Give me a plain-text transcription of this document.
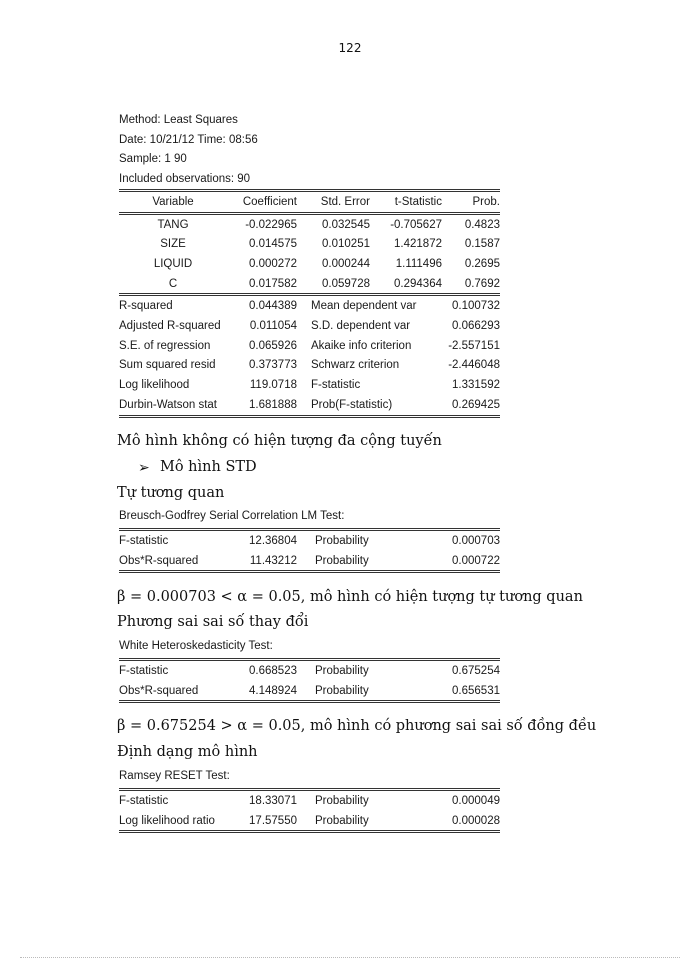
122
Method: Least Squares
Date: 10/21/12 Time: 08:56
Sample: 1 90
Included observations: 90
Variable	Coefficient	Std. Error	t-Statistic	Prob.
TANG	-0.022965	0.032545	-0.705627	0.4823
SIZE	0.014575	0.010251	1.421872	0.1587
LIQUID	0.000272	0.000244	1.111496	0.2695
C	0.017582	0.059728	0.294364	0.7692
R-squared	0.044389	Mean dependent var	0.100732
Adjusted R-squared	0.011054	S.D. dependent var	0.066293
S.E. of regression	0.065926	Akaike info criterion	-2.557151
Sum squared resid	0.373773	Schwarz criterion	-2.446048
Log likelihood	119.0718	F-statistic	1.331592
Durbin-Watson stat	1.681888	Prob(F-statistic)	0.269425
Mô hình không có hiện tượng đa cộng tuyến
➢ Mô hình STD
Tự tương quan
Breusch-Godfrey Serial Correlation LM Test:
F-statistic	12.36804	Probability	0.000703
Obs*R-squared	11.43212	Probability	0.000722
β = 0.000703 < α = 0.05, mô hình có hiện tượng tự tương quan
Phương sai sai số thay đổi
White Heteroskedasticity Test:
F-statistic	0.668523	Probability	0.675254
Obs*R-squared	4.148924	Probability	0.656531
β = 0.675254 > α = 0.05, mô hình có phương sai sai số đồng đều
Định dạng mô hình
Ramsey RESET Test:
F-statistic	18.33071	Probability	0.000049
Log likelihood ratio	17.57550	Probability	0.000028
